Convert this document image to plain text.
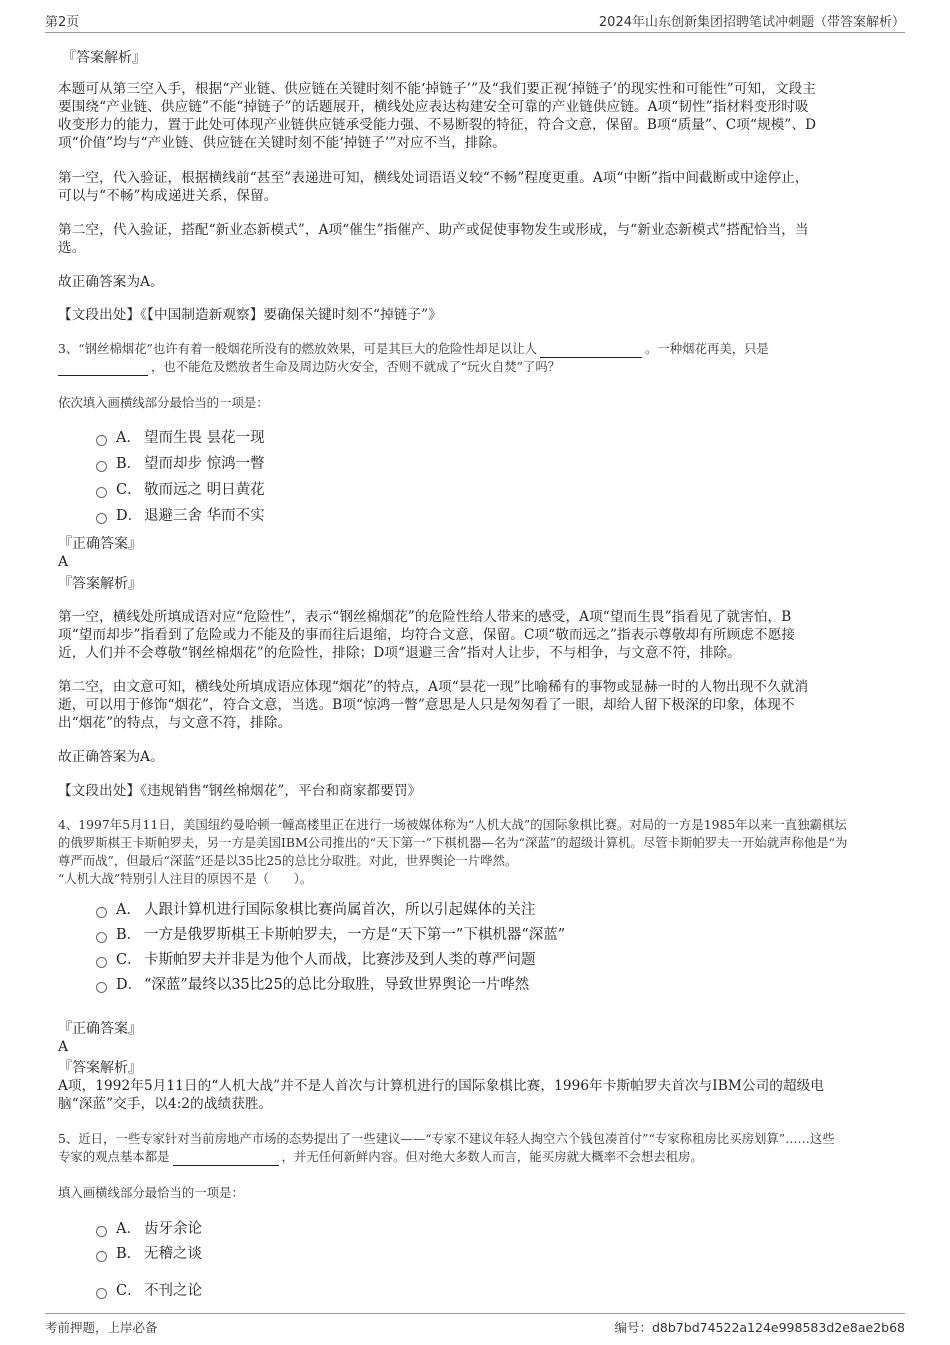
第2页	2024年山东创新集团招聘笔试冲刺题（带答案解析）
『答案解析』
本题可从第三空入手，根据“产业链、供应链在关键时刻不能‘掉链子’”及“我们要正视‘掉链子’的现实性和可能性”可知，文段主
要围绕“产业链、供应链”不能“掉链子”的话题展开，横线处应表达构建安全可靠的产业链供应链。A项“韧性”指材料变形时吸
收变形力的能力，置于此处可体现产业链供应链承受能力强、不易断裂的特征，符合文意，保留。B项“质量”、C项“规模”、D
项“价值”均与“产业链、供应链在关键时刻不能‘掉链子’”对应不当，排除。
第一空，代入验证，根据横线前“甚至”表递进可知，横线处词语语义较“不畅”程度更重。A项“中断”指中间截断或中途停止，
可以与“不畅”构成递进关系，保留。
第二空，代入验证，搭配“新业态新模式”，A项“催生”指催产、助产或促使事物发生或形成，与“新业态新模式”搭配恰当，当
选。
故正确答案为A。
【文段出处】《【中国制造新观察】要确保关键时刻不“掉链子”》
3、“钢丝棉烟花”也许有着一般烟花所没有的燃放效果，可是其巨大的危险性却足以让人	。一种烟花再美，只是
，也不能危及燃放者生命及周边防火安全，否则不就成了“玩火自焚”了吗？
依次填入画横线部分最恰当的一项是：
A． 望而生畏 昙花一现
B． 望而却步 惊鸿一瞥
C． 敬而远之 明日黄花
D． 退避三舍 华而不实
『正确答案』
A
『答案解析』
第一空，横线处所填成语对应“危险性”，表示“钢丝棉烟花”的危险性给人带来的感受，A项“望而生畏”指看见了就害怕，B
项“望而却步”指看到了危险或力不能及的事而往后退缩，均符合文意，保留。C项“敬而远之”指表示尊敬却有所顾虑不愿接
近，人们并不会尊敬“钢丝棉烟花”的危险性，排除；D项“退避三舍”指对人让步，不与相争，与文意不符，排除。
第二空，由文意可知，横线处所填成语应体现“烟花”的特点，A项“昙花一现”比喻稀有的事物或显赫一时的人物出现不久就消
逝，可以用于修饰“烟花”，符合文意，当选。B项“惊鸿一瞥”意思是人只是匆匆看了一眼，却给人留下极深的印象，体现不
出“烟花”的特点，与文意不符，排除。
故正确答案为A。
【文段出处】《违规销售“钢丝棉烟花”，平台和商家都要罚》
4、1997年5月11日，美国纽约曼哈顿一幢高楼里正在进行一场被媒体称为“人机大战”的国际象棋比赛。对局的一方是1985年以来一直独霸棋坛
的俄罗斯棋王卡斯帕罗夫，另一方是美国IBM公司推出的“天下第一”下棋机器—名为“深蓝”的超级计算机。尽管卡斯帕罗夫一开始就声称他是“为
尊严而战”，但最后“深蓝”还是以35比25的总比分取胜。对此，世界舆论一片哗然。
“人机大战”特别引人注目的原因不是（　　）。
A． 人跟计算机进行国际象棋比赛尚属首次，所以引起媒体的关注
B． 一方是俄罗斯棋王卡斯帕罗夫，一方是“天下第一”下棋机器“深蓝”
C． 卡斯帕罗夫并非是为他个人而战，比赛涉及到人类的尊严问题
D． “深蓝”最终以35比25的总比分取胜，导致世界舆论一片哗然
『正确答案』
A
『答案解析』
A项，1992年5月11日的“人机大战”并不是人首次与计算机进行的国际象棋比赛，1996年卡斯帕罗夫首次与IBM公司的超级电
脑“深蓝”交手，以4:2的战绩获胜。
5、近日，一些专家针对当前房地产市场的态势提出了一些建议——“专家不建议年轻人掏空六个钱包凑首付”“专家称租房比买房划算”……这些
专家的观点基本都是	，并无任何新鲜内容。但对绝大多数人而言，能买房就大概率不会想去租房。
填入画横线部分最恰当的一项是：
A． 齿牙余论
B． 无稽之谈
C． 不刊之论
考前押题，上岸必备	编号：d8b7bd74522a124e998583d2e8ae2b68
